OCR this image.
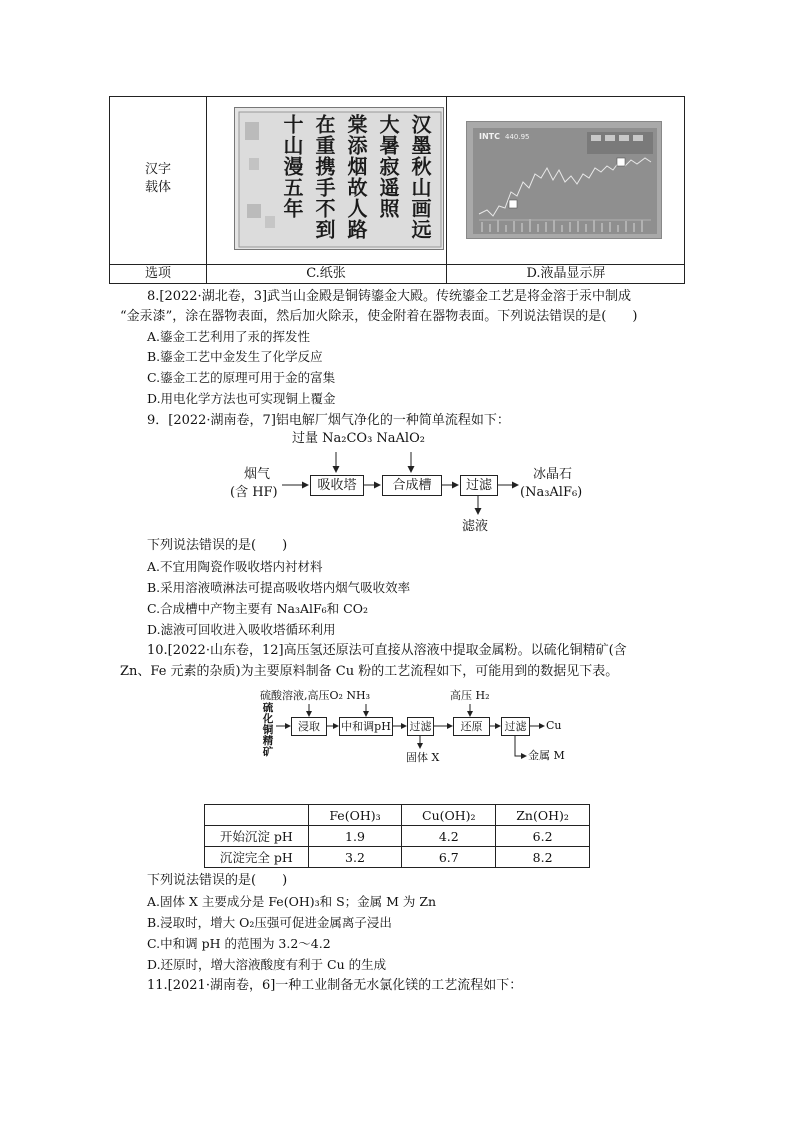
汉字
载体
选项	C.纸张	D.液晶显示屏
汉墨秋山画远
大暑寂遥照
棠添烟故人路
在重携手不到
十山漫五年	INTC 440.95
8.[2022·湖北卷，3]武当山金殿是铜铸鎏金大殿。传统鎏金工艺是将金溶于汞中制成
“金汞漆”，涂在器物表面，然后加火除汞，使金附着在器物表面。下列说法错误的是(　　)
A.鎏金工艺利用了汞的挥发性
B.鎏金工艺中金发生了化学反应
C.鎏金工艺的原理可用于金的富集
D.用电化学方法也可实现铜上覆金
9．[2022·湖南卷，7]铝电解厂烟气净化的一种简单流程如下：
过量 Na₂CO₃ NaAlO₂
烟气
(含 HF)	吸收塔	合成槽	过滤
冰晶石
(Na₃AlF₆)
滤液
下列说法错误的是(　　)
A.不宜用陶瓷作吸收塔内衬材料
B.采用溶液喷淋法可提高吸收塔内烟气吸收效率
C.合成槽中产物主要有 Na₃AlF₆和 CO₂
D.滤液可回收进入吸收塔循环利用
10.[2022·山东卷，12]高压氢还原法可直接从溶液中提取金属粉。以硫化铜精矿(含
Zn、Fe 元素的杂质)为主要原料制备 Cu 粉的工艺流程如下，可能用到的数据见下表。
硫酸溶液,高压O₂ NH₃	高压 H₂
硫
化
铜
精
矿
浸取	中和调pH 过滤	还原	过滤	Cu
固体 X	金属 M
	Fe(OH)₃	Cu(OH)₂	Zn(OH)₂
开始沉淀 pH	1.9	4.2	6.2
沉淀完全 pH	3.2	6.7	8.2
下列说法错误的是(　　)
A.固体 X 主要成分是 Fe(OH)₃和 S；金属 M 为 Zn
B.浸取时，增大 O₂压强可促进金属离子浸出
C.中和调 pH 的范围为 3.2～4.2
D.还原时，增大溶液酸度有利于 Cu 的生成
11.[2021·湖南卷，6]一种工业制备无水氯化镁的工艺流程如下：
